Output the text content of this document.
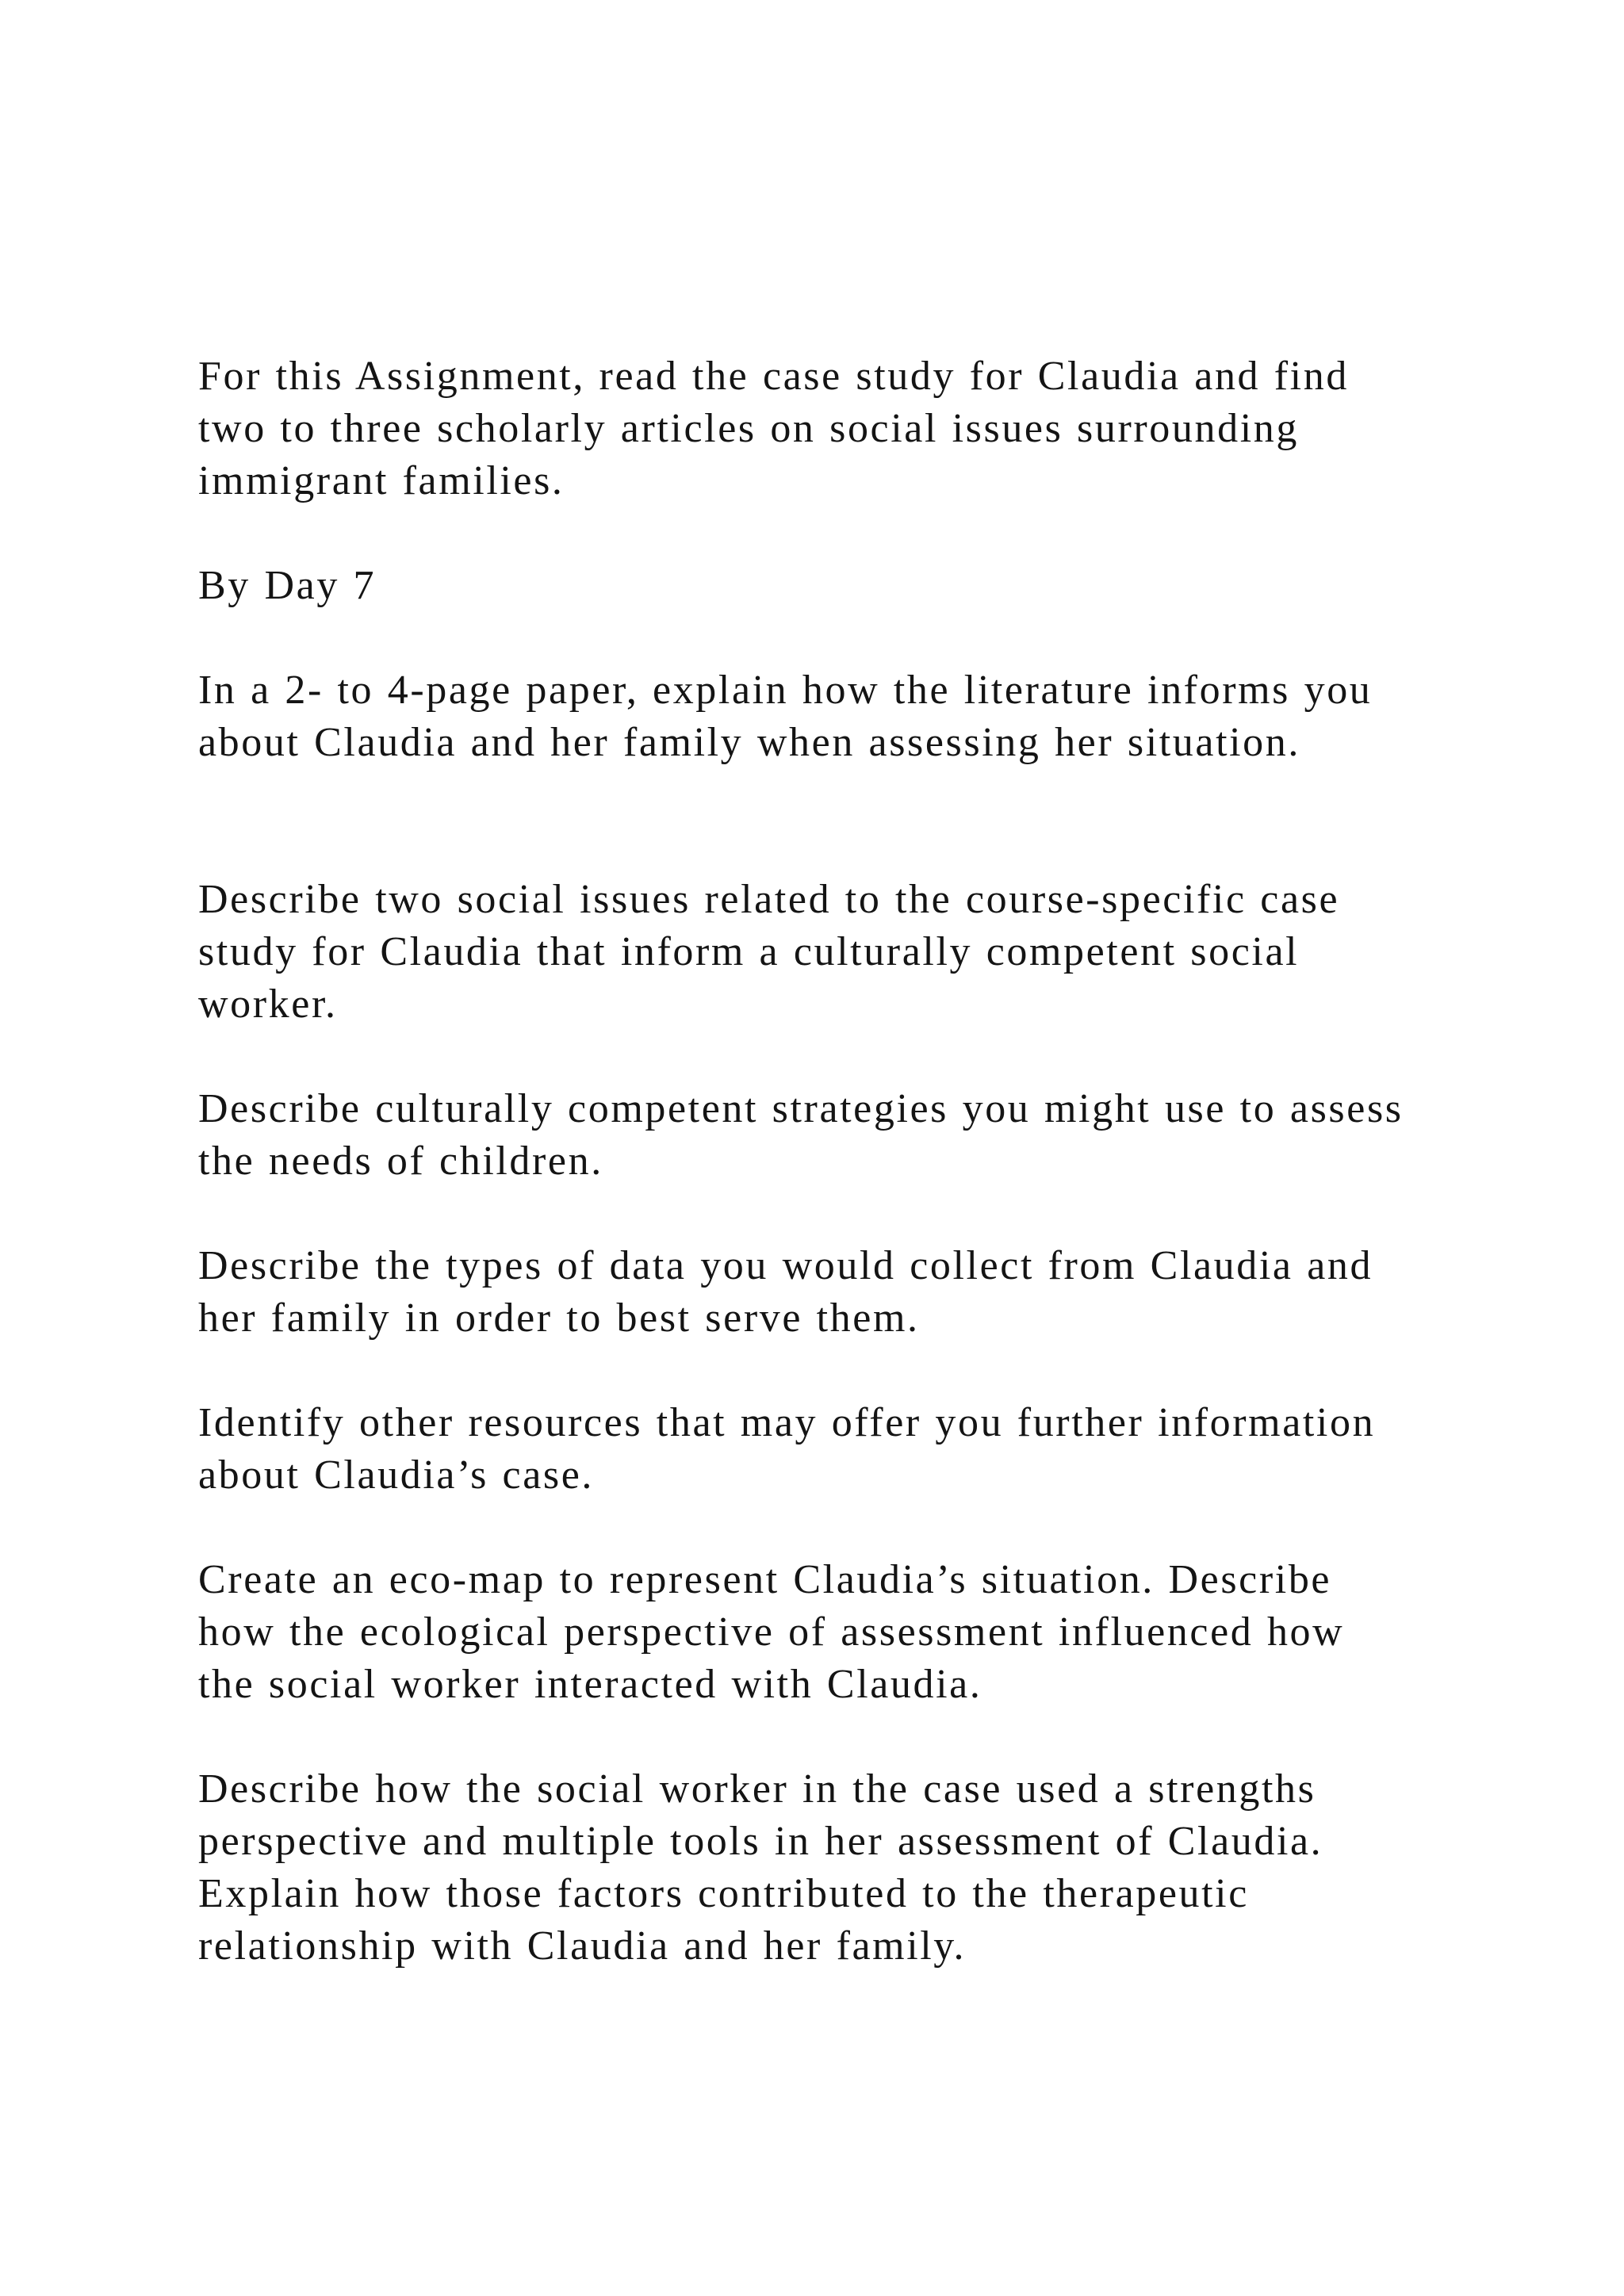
For this Assignment, read the case study for Claudia and find
two to three scholarly articles on social issues surrounding
immigrant families.

By Day 7

In a 2- to 4-page paper, explain how the literature informs you
about Claudia and her family when assessing her situation.

Describe two social issues related to the course-specific case
study for Claudia that inform a culturally competent social
worker.

Describe culturally competent strategies you might use to assess
the needs of children.

Describe the types of data you would collect from Claudia and
her family in order to best serve them.

Identify other resources that may offer you further information
about Claudia’s case.

Create an eco-map to represent Claudia’s situation. Describe
how the ecological perspective of assessment influenced how
the social worker interacted with Claudia.

Describe how the social worker in the case used a strengths
perspective and multiple tools in her assessment of Claudia.
Explain how those factors contributed to the therapeutic
relationship with Claudia and her family.
